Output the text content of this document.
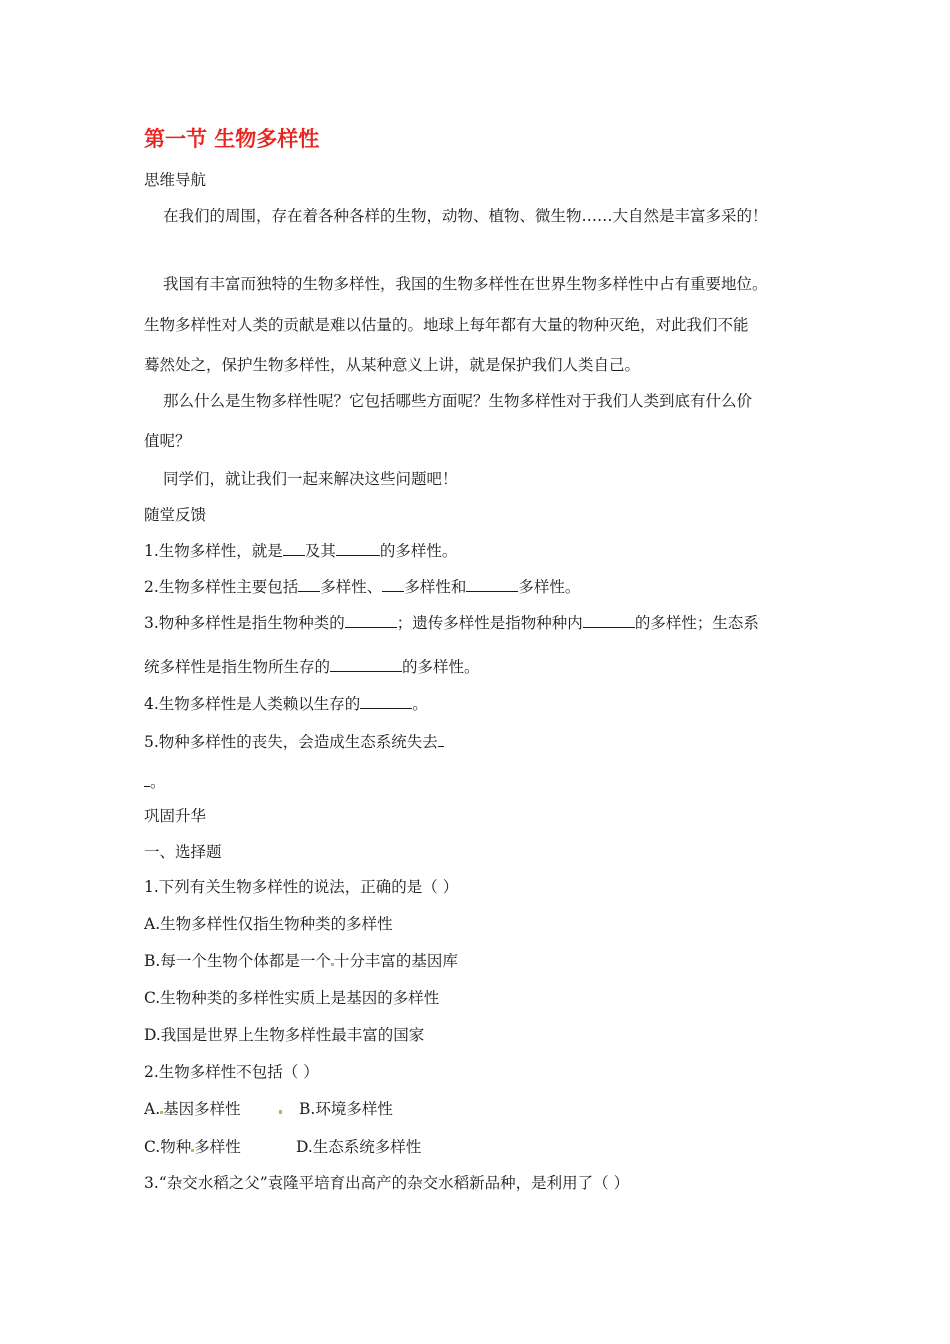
第一节 生物多样性
思维导航
在我们的周围，存在着各种各样的生物，动物、植物、微生物……大自然是丰富多采的！
我国有丰富而独特的生物多样性，我国的生物多样性在世界生物多样性中占有重要地位。
生物多样性对人类的贡献是难以估量的。地球上每年都有大量的物种灭绝，对此我们不能
蓦然处之，保护生物多样性，从某种意义上讲，就是保护我们人类自己。
那么什么是生物多样性呢？它包括哪些方面呢？生物多样性对于我们人类到底有什么价
值呢？
同学们，就让我们一起来解决这些问题吧！
随堂反馈
1.生物多样性，就是 及其	的多样性。
2.生物多样性主要包括 多样性、 多样性和	多样性。
3.物种多样性是指生物种类的	；遗传多样性是指物种种内	的多样性；生态系
统多样性是指生物所生存的	的多样性。
4.生物多样性是人类赖以生存的	。
5.物种多样性的丧失，会造成生态系统失去
。
巩固升华
一、选择题
1.下列有关生物多样性的说法，正确的是（ ）
A.生物多样性仅指生物种类的多样性
B.每一个生物个体都是一个 十分丰富的基因库
C.生物种类的多样性实质上是基因的多样性
D.我国是世界上生物多样性最丰富的国家
2.生物多样性不包括（ ）
A. 基因多样性	B.环境多样性
C.物种 多样性	D.生态系统多样性
3.“杂交水稻之父”袁隆平培育出高产的杂交水稻新品种，是利用了（ ）
